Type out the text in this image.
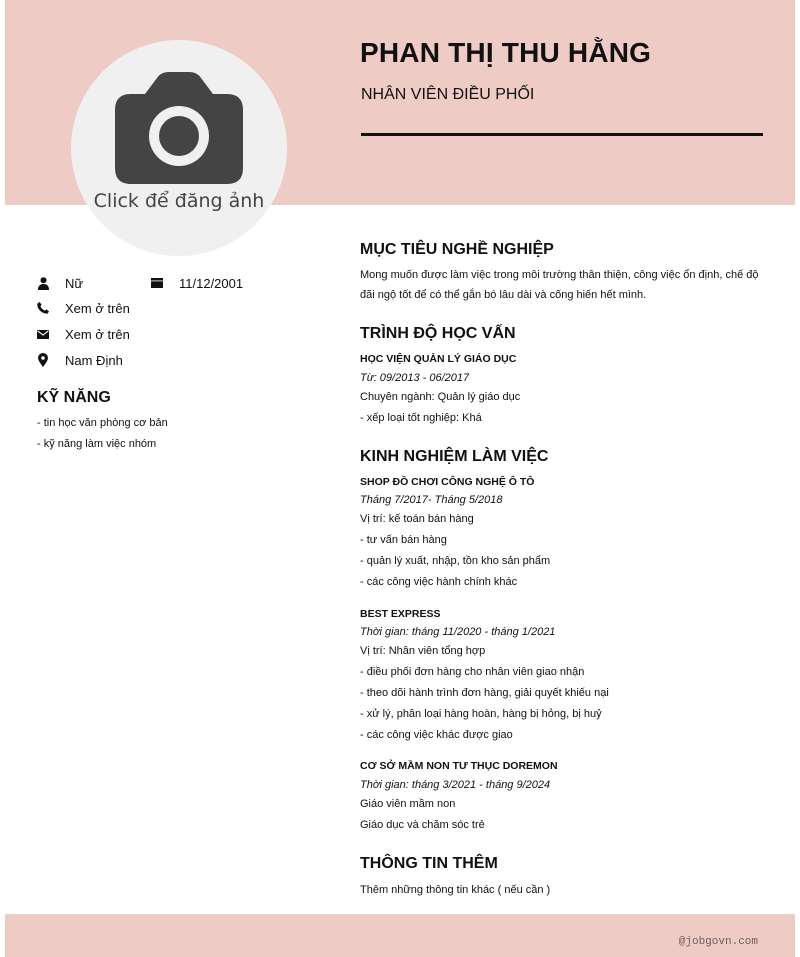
Click để đăng ảnh
PHAN THỊ THU HẰNG
NHÂN VIÊN ĐIỀU PHỐI
Nữ	11/12/2001
Xem ở trên
Xem ở trên
Nam Định
KỸ NĂNG
- tin học văn phòng cơ bản
- kỹ năng làm việc nhóm
MỤC TIÊU NGHỀ NGHIỆP
Mong muốn được làm việc trong môi trường thân thiện, công việc ổn định, chế độ đãi ngộ tốt để có thể gắn bó lâu dài và cống hiến hết mình.
TRÌNH ĐỘ HỌC VẤN
HỌC VIỆN QUẢN LÝ GIÁO DỤC
Từ: 09/2013 - 06/2017
Chuyên ngành: Quản lý giáo dục
- xếp loại tốt nghiệp: Khá
KINH NGHIỆM LÀM VIỆC
SHOP ĐỒ CHƠI CÔNG NGHỆ Ô TÔ
Tháng 7/2017- Tháng 5/2018
Vị trí: kế toán bán hàng
- tư vấn bán hàng
- quản lý xuất, nhập, tồn kho sản phẩm
- các công việc hành chính khác
BEST EXPRESS
Thời gian: tháng 11/2020 - tháng 1/2021
Vị trí: Nhân viên tổng hợp
- điều phối đơn hàng cho nhân viên giao nhận
- theo dõi hành trình đơn hàng, giải quyết khiếu nại
- xử lý, phân loại hàng hoàn, hàng bị hỏng, bị huỷ
- các công việc khác được giao
CƠ SỞ MẦM NON TƯ THỤC DOREMON
Thời gian: tháng 3/2021 - tháng 9/2024
Giáo viên mầm non
Giáo dục và chăm sóc trẻ
THÔNG TIN THÊM
Thêm những thông tin khác ( nếu cần )
@jobgovn.com
